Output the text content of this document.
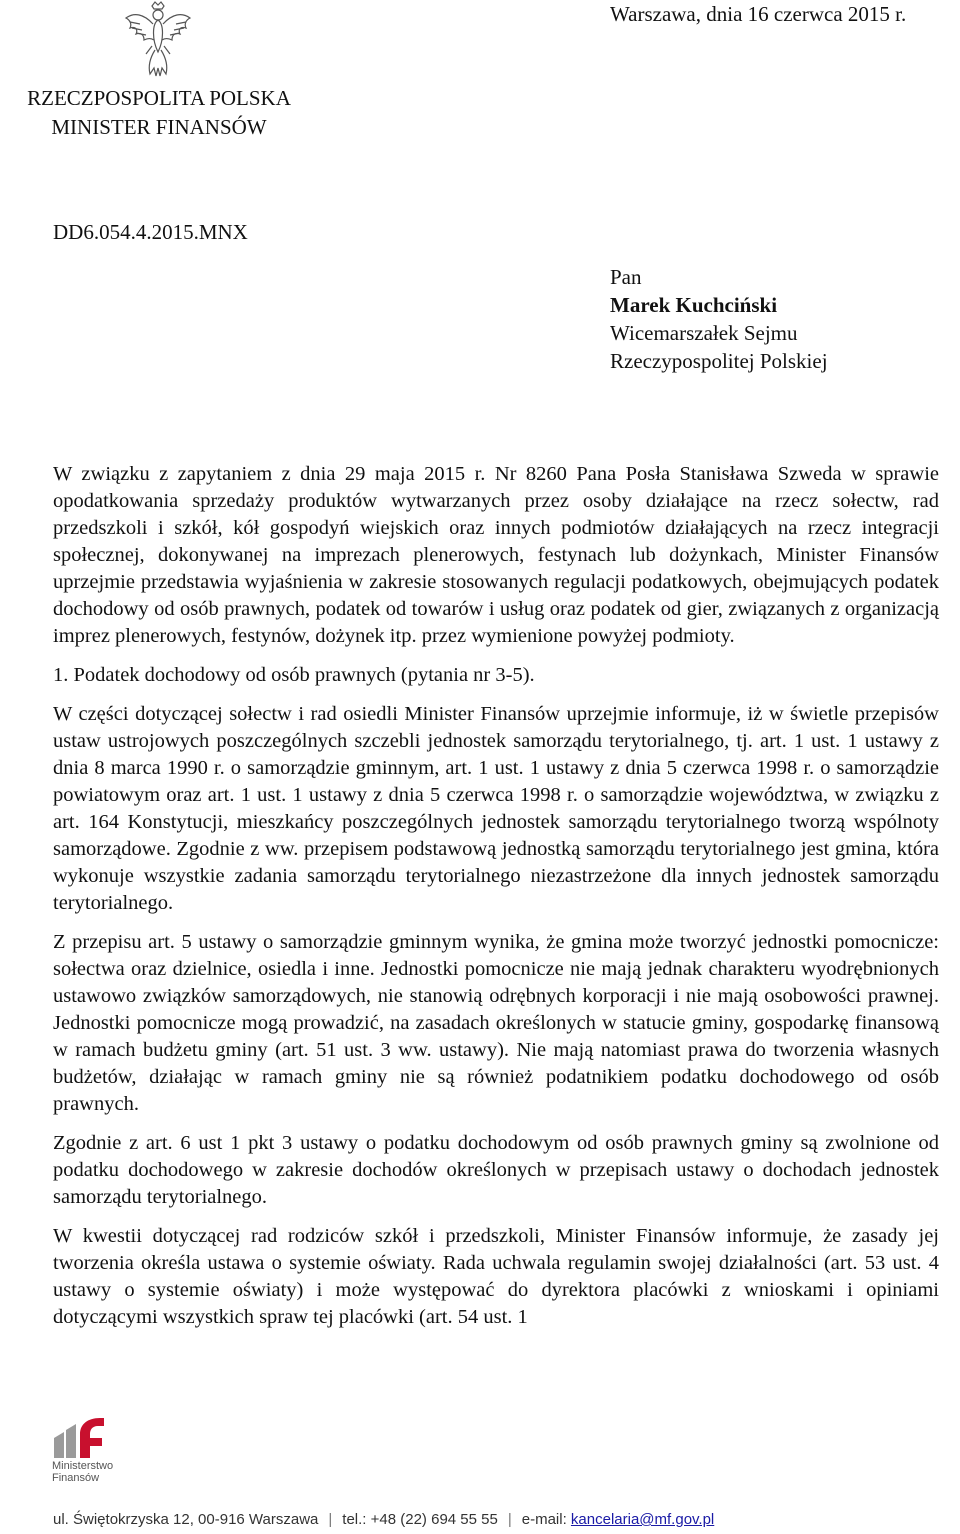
Warszawa, dnia 16 czerwca 2015 r.
RZECZPOSPOLITA POLSKA
MINISTER FINANSÓW
DD6.054.4.2015.MNX
Pan
Marek Kuchciński
Wicemarszałek Sejmu
Rzeczypospolitej Polskiej

W związku z zapytaniem z dnia 29 maja 2015 r. Nr 8260 Pana Posła Stanisława Szweda w sprawie opodatkowania sprzedaży produktów wytwarzanych przez osoby działające na rzecz sołectw, rad przedszkoli i szkół, kół gospodyń wiejskich oraz innych podmiotów działających na rzecz integracji społecznej, dokonywanej na imprezach plenerowych, festynach lub dożynkach, Minister Finansów uprzejmie przedstawia wyjaśnienia w zakresie stosowanych regulacji podatkowych, obejmujących podatek dochodowy od osób prawnych, podatek od towarów i usług oraz podatek od gier, związanych z organizacją imprez plenerowych, festynów, dożynek itp. przez wymienione powyżej podmioty.

1. Podatek dochodowy od osób prawnych (pytania nr 3-5).

W części dotyczącej sołectw i rad osiedli Minister Finansów uprzejmie informuje, iż w świetle przepisów ustaw ustrojowych poszczególnych szczebli jednostek samorządu terytorialnego, tj. art. 1 ust. 1 ustawy z dnia 8 marca 1990 r. o samorządzie gminnym, art. 1 ust. 1 ustawy z dnia 5 czerwca 1998 r. o samorządzie powiatowym oraz art. 1 ust. 1 ustawy z dnia 5 czerwca 1998 r. o samorządzie województwa, w związku z art. 164 Konstytucji, mieszkańcy poszczególnych jednostek samorządu terytorialnego tworzą wspólnoty samorządowe. Zgodnie z ww. przepisem podstawową jednostką samorządu terytorialnego jest gmina, która wykonuje wszystkie zadania samorządu terytorialnego niezastrzeżone dla innych jednostek samorządu terytorialnego.

Z przepisu art. 5 ustawy o samorządzie gminnym wynika, że gmina może tworzyć jednostki pomocnicze: sołectwa oraz dzielnice, osiedla i inne. Jednostki pomocnicze nie mają jednak charakteru wyodrębnionych ustawowo związków samorządowych, nie stanowią odrębnych korporacji i nie mają osobowości prawnej. Jednostki pomocnicze mogą prowadzić, na zasadach określonych w statucie gminy, gospodarkę finansową w ramach budżetu gminy (art. 51 ust. 3 ww. ustawy). Nie mają natomiast prawa do tworzenia własnych budżetów, działając w ramach gminy nie są również podatnikiem podatku dochodowego od osób prawnych.

Zgodnie z art. 6 ust 1 pkt 3 ustawy o podatku dochodowym od osób prawnych gminy są zwolnione od podatku dochodowego w zakresie dochodów określonych w przepisach ustawy o dochodach jednostek samorządu terytorialnego.

W kwestii dotyczącej rad rodziców szkół i przedszkoli, Minister Finansów informuje, że zasady jej tworzenia określa ustawa o systemie oświaty. Rada uchwala regulamin swojej działalności (art. 53 ust. 4 ustawy o systemie oświaty) i może występować do dyrektora placówki z wnioskami i opiniami dotyczącymi wszystkich spraw tej placówki (art. 54 ust. 1

Ministerstwo
Finansów
ul. Świętokrzyska 12, 00-916 Warszawa | tel.: +48 (22) 694 55 55 | e-mail: kancelaria@mf.gov.pl
